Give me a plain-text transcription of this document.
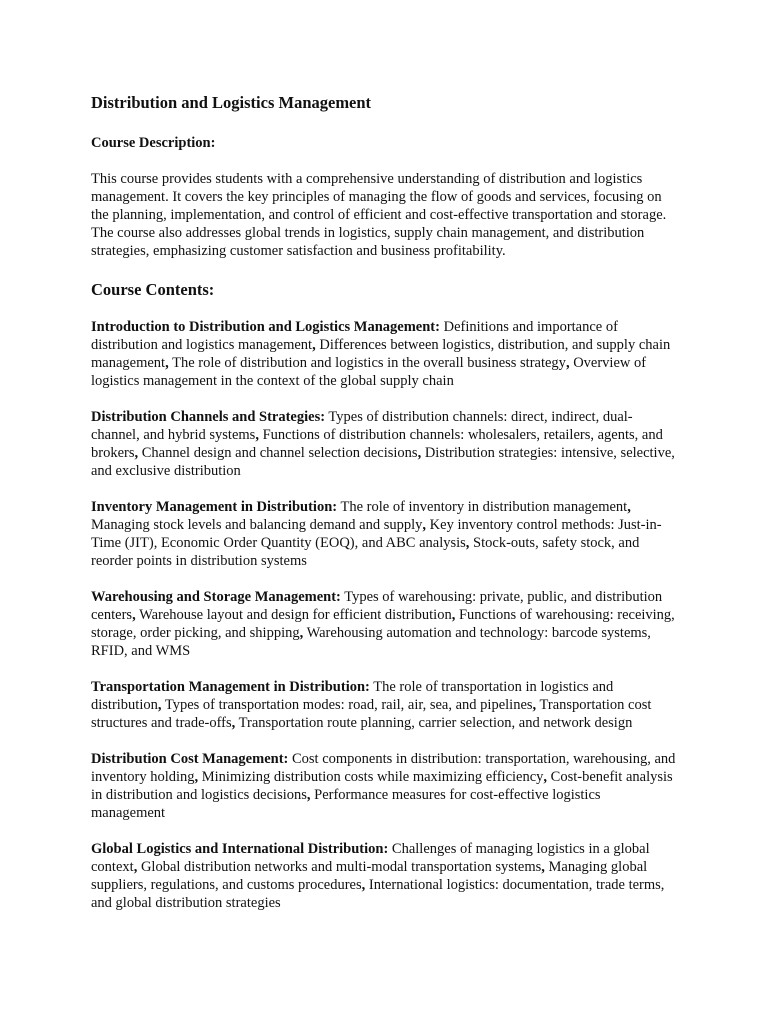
Distribution and Logistics Management
Course Description:
This course provides students with a comprehensive understanding of distribution and logistics management. It covers the key principles of managing the flow of goods and services, focusing on the planning, implementation, and control of efficient and cost-effective transportation and storage. The course also addresses global trends in logistics, supply chain management, and distribution strategies, emphasizing customer satisfaction and business profitability.
Course Contents:
Introduction to Distribution and Logistics Management: Definitions and importance of distribution and logistics management, Differences between logistics, distribution, and supply chain management, The role of distribution and logistics in the overall business strategy, Overview of logistics management in the context of the global supply chain
Distribution Channels and Strategies: Types of distribution channels: direct, indirect, dual-channel, and hybrid systems, Functions of distribution channels: wholesalers, retailers, agents, and brokers, Channel design and channel selection decisions, Distribution strategies: intensive, selective, and exclusive distribution
Inventory Management in Distribution: The role of inventory in distribution management, Managing stock levels and balancing demand and supply, Key inventory control methods: Just-in-Time (JIT), Economic Order Quantity (EOQ), and ABC analysis, Stock-outs, safety stock, and reorder points in distribution systems
Warehousing and Storage Management: Types of warehousing: private, public, and distribution centers, Warehouse layout and design for efficient distribution, Functions of warehousing: receiving, storage, order picking, and shipping, Warehousing automation and technology: barcode systems, RFID, and WMS
Transportation Management in Distribution: The role of transportation in logistics and distribution, Types of transportation modes: road, rail, air, sea, and pipelines, Transportation cost structures and trade-offs, Transportation route planning, carrier selection, and network design
Distribution Cost Management: Cost components in distribution: transportation, warehousing, and inventory holding, Minimizing distribution costs while maximizing efficiency, Cost-benefit analysis in distribution and logistics decisions, Performance measures for cost-effective logistics management
Global Logistics and International Distribution: Challenges of managing logistics in a global context, Global distribution networks and multi-modal transportation systems, Managing global suppliers, regulations, and customs procedures, International logistics: documentation, trade terms, and global distribution strategies
